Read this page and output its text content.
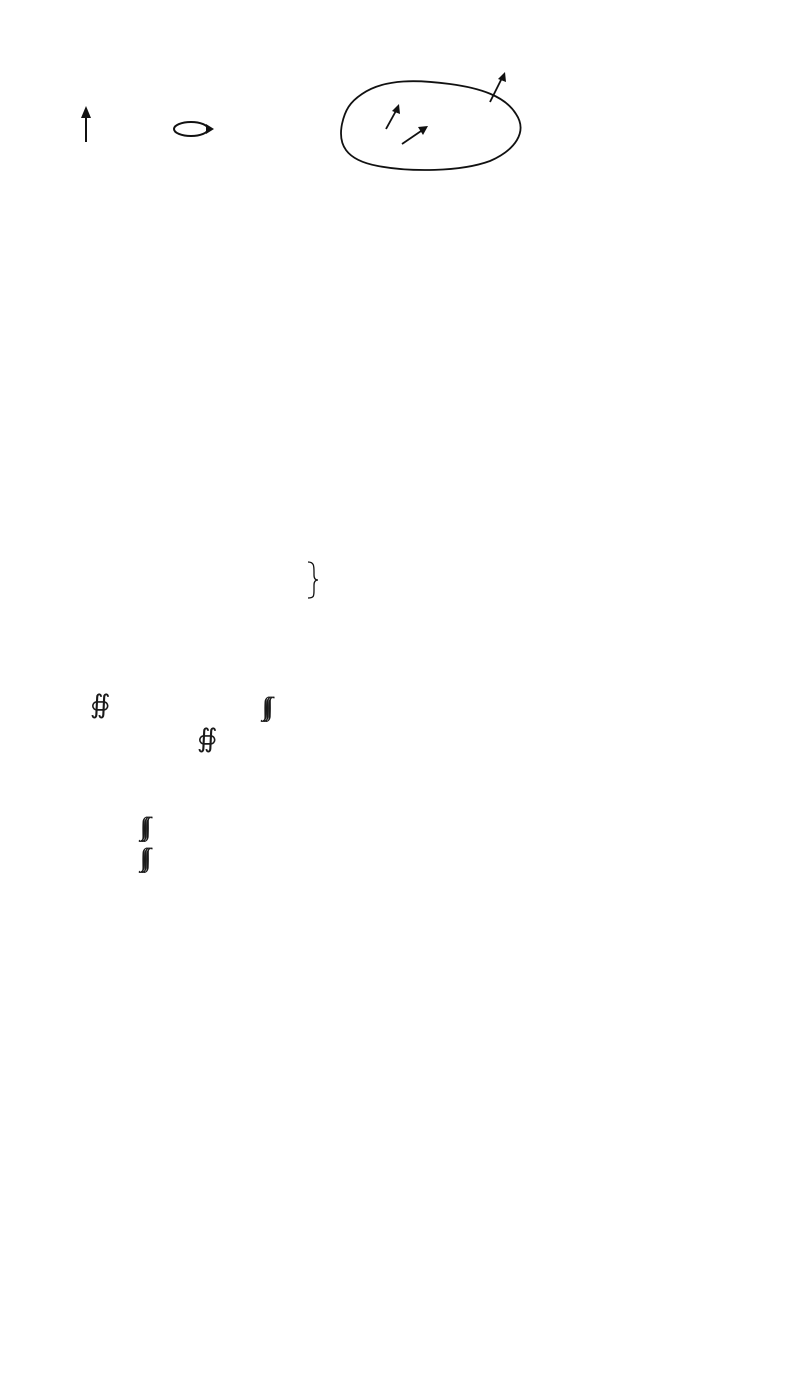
∯	∫∫∫
∯
∫∫∫
∫∫∫
